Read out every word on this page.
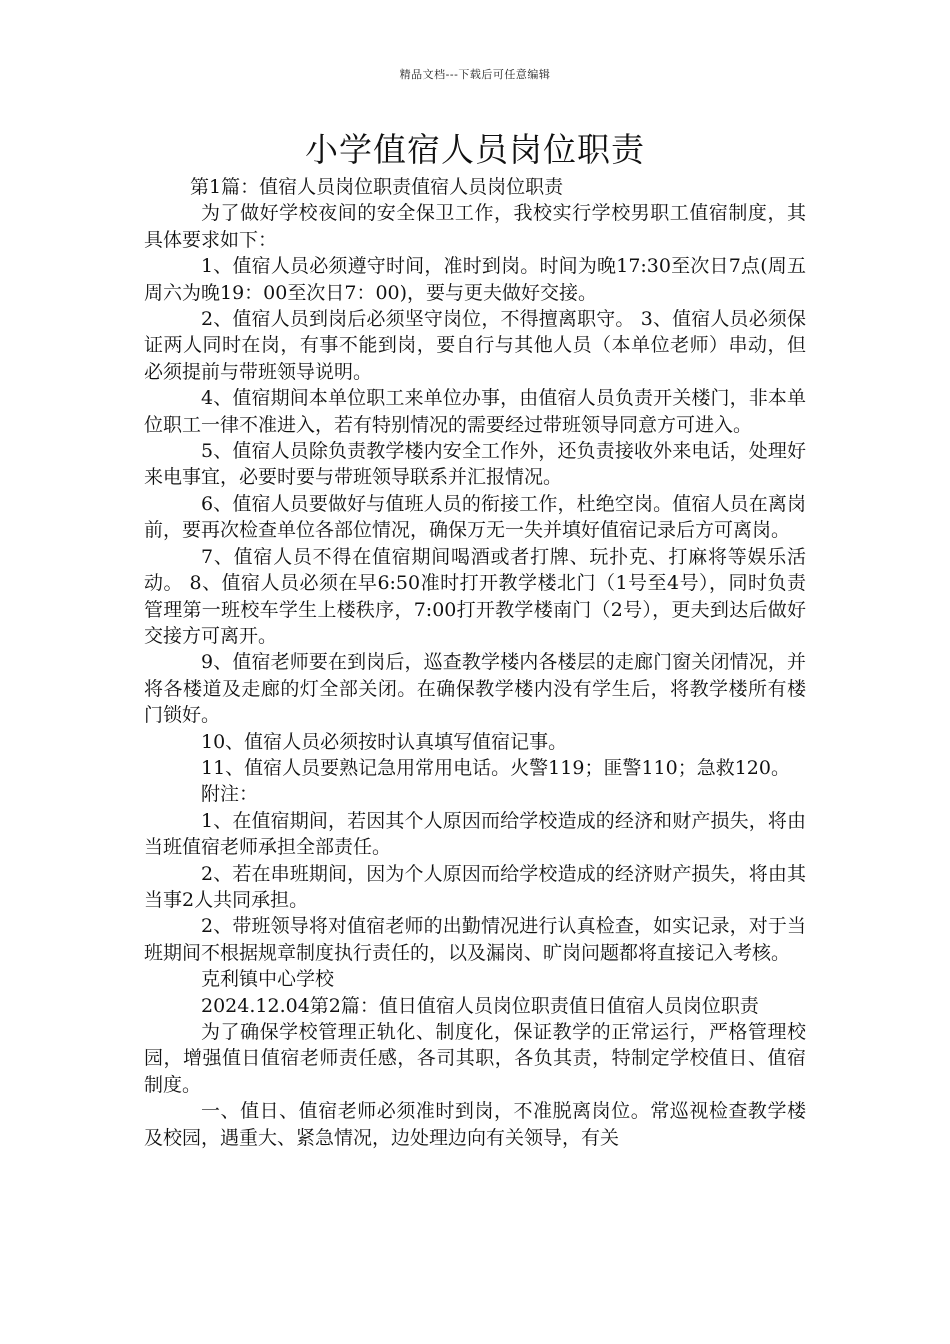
精品文档---下载后可任意编辑
小学值宿人员岗位职责

第1篇：值宿人员岗位职责值宿人员岗位职责

为了做好学校夜间的安全保卫工作，我校实行学校男职工值宿制度，其具体要求如下：

1、值宿人员必须遵守时间，准时到岗。时间为晚17:30至次日7点(周五周六为晚19：00至次日7：00)，要与更夫做好交接。

2、值宿人员到岗后必须坚守岗位，不得擅离职守。 3、值宿人员必须保证两人同时在岗，有事不能到岗，要自行与其他人员（本单位老师）串动，但必须提前与带班领导说明。

4、值宿期间本单位职工来单位办事，由值宿人员负责开关楼门，非本单位职工一律不准进入，若有特别情况的需要经过带班领导同意方可进入。

5、值宿人员除负责教学楼内安全工作外，还负责接收外来电话，处理好来电事宜，必要时要与带班领导联系并汇报情况。

6、值宿人员要做好与值班人员的衔接工作，杜绝空岗。值宿人员在离岗前，要再次检查单位各部位情况，确保万无一失并填好值宿记录后方可离岗。

7、值宿人员不得在值宿期间喝酒或者打牌、玩扑克、打麻将等娱乐活动。 8、值宿人员必须在早6:50准时打开教学楼北门（1号至4号），同时负责管理第一班校车学生上楼秩序，7:00打开教学楼南门（2号），更夫到达后做好交接方可离开。

9、值宿老师要在到岗后，巡查教学楼内各楼层的走廊门窗关闭情况，并将各楼道及走廊的灯全部关闭。在确保教学楼内没有学生后，将教学楼所有楼门锁好。

10、值宿人员必须按时认真填写值宿记事。

11、值宿人员要熟记急用常用电话。火警119；匪警110；急救120。

附注：

1、在值宿期间，若因其个人原因而给学校造成的经济和财产损失，将由当班值宿老师承担全部责任。

2、若在串班期间，因为个人原因而给学校造成的经济财产损失，将由其当事2人共同承担。

2、带班领导将对值宿老师的出勤情况进行认真检查，如实记录，对于当班期间不根据规章制度执行责任的，以及漏岗、旷岗问题都将直接记入考核。

克利镇中心学校

2024.12.04第2篇：值日值宿人员岗位职责值日值宿人员岗位职责

为了确保学校管理正轨化、制度化，保证教学的正常运行，严格管理校园，增强值日值宿老师责任感，各司其职，各负其责，特制定学校值日、值宿制度。

一、值日、值宿老师必须准时到岗，不准脱离岗位。常巡视检查教学楼及校园，遇重大、紧急情况，边处理边向有关领导，有关
